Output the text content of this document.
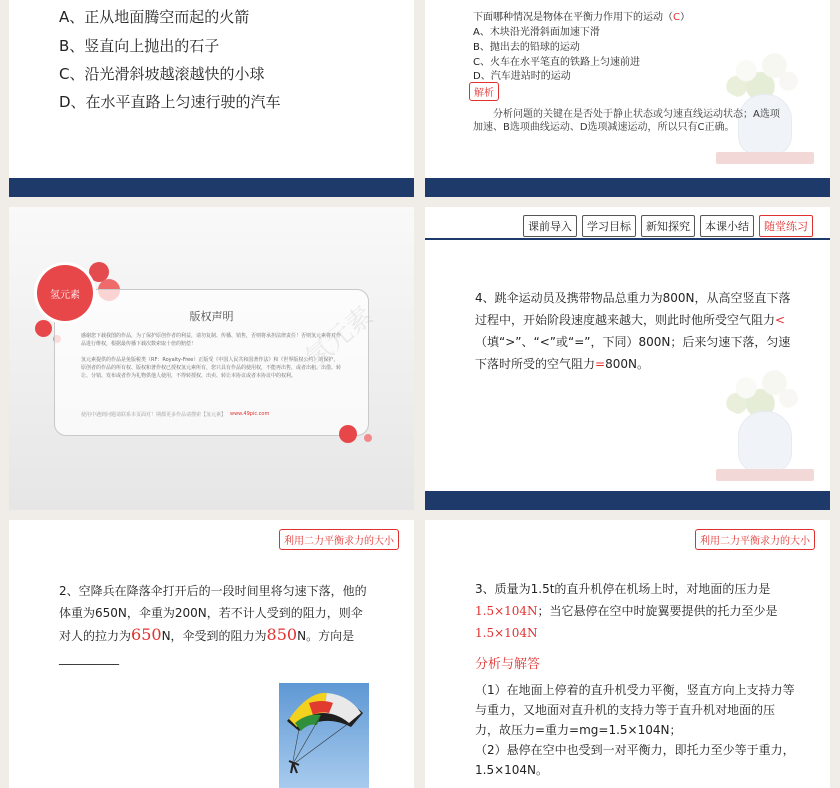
A、正从地面腾空而起的火箭
B、竖直向上抛出的石子
C、沿光滑斜坡越滚越快的小球
D、在水平直路上匀速行驶的汽车
下面哪种情况是物体在平衡力作用下的运动（C）
A、木块沿光滑斜面加速下滑
B、抛出去的铅球的运动
C、火车在水平笔直的铁路上匀速前进
D、汽车进站时的运动
解析
分析问题的关键在是否处于静止状态或匀速直线运动状态；A选项加速、B选项曲线运动、D选项减速运动，所以只有C正确。
版权声明
感谢您下载我图的作品，为了保护原创作者的利益，请勿复制、传播、销售，否则将承担法律责任！否则氢元素将对作品进行维权，根据最传播下载次数索取十倍的赔偿！
氢元素提供的作品是免版税类（RF：Royalty-Free）正版受《中国人民共和国著作法》和《世界版权公约》的保护，原创者的作品的所有权、版权和著作权已授权氢元素所有，您只具有作品的使用权，不能再出售，或者出租、出借、转让、分销、发布或者作为礼物供他人使用，不得转授权、出卖、转让本协议或者本协议中的权利。
使用中遇到问题请联系本页面对！期都更多作品请搜索【氢元素】 www.49pic.com
氢元素
氢元素
课前导入	学习目标	新知探究	本课小结	随堂练习
4、跳伞运动员及携带物品总重力为800N，从高空竖直下落过程中，开始阶段速度越来越大，则此时他所受空气阻力<（填“>”、“<”或“=”，下同）800N；后来匀速下落，匀速下落时所受的空气阻力=800N。
利用二力平衡求力的大小
2、空降兵在降落伞打开后的一段时间里将匀速下落，他的体重为650N，伞重为200N，若不计人受到的阻力，则伞对人的拉力为650N，伞受到的阻力为850N。方向是__________
利用二力平衡求力的大小
3、质量为1.5t的直升机停在机场上时，对地面的压力是1.5×104N；当它悬停在空中时旋翼要提供的托力至少是1.5×104N
分析与解答
（1）在地面上停着的直升机受力平衡，竖直方向上支持力等与重力，又地面对直升机的支持力等于直升机对地面的压力，故压力=重力=mg=1.5×104N；
（2）悬停在空中也受到一对平衡力，即托力至少等于重力，1.5×104N。
